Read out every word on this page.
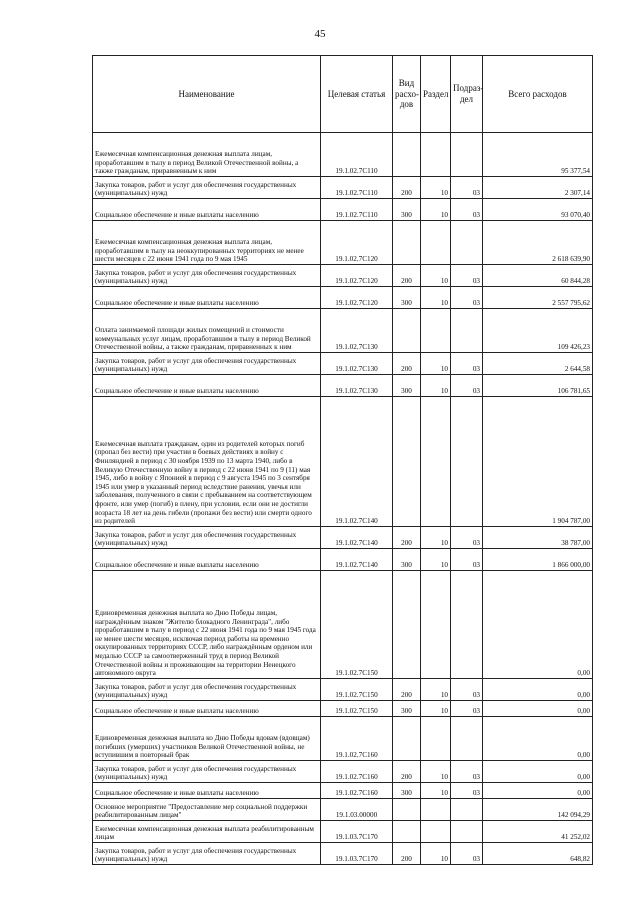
45
Наименование	Целевая статья	Вид расхо-дов	Раздел	Подраз-дел	Всего расходов
Ежемесячная компенсационная денежная выплата лицам, проработавшим в тылу в период Великой Отечественной войны, а также гражданам, приравненным к ним	19.1.02.7C110				95 377,54
Закупка товаров, работ и услуг для обеспечения государственных (муниципальных) нужд	19.1.02.7C110	200	10	03	2 307,14
Социальное обеспечение и иные выплаты населению	19.1.02.7C110	300	10	03	93 070,40
Ежемесячная компенсационная денежная выплата лицам, проработавшим в тылу на неоккупированных территориях не менее шести месяцев с 22 июня 1941 года по 9 мая 1945	19.1.02.7C120				2 618 639,90
Закупка товаров, работ и услуг для обеспечения государственных (муниципальных) нужд	19.1.02.7C120	200	10	03	60 844,28
Социальное обеспечение и иные выплаты населению	19.1.02.7C120	300	10	03	2 557 795,62
Оплата занимаемой площади жилых помещений и стоимости коммунальных услуг лицам, проработавшим в тылу в период Великой Отечественной войны, а также гражданам, приравненных к ним	19.1.02.7C130				109 426,23
Закупка товаров, работ и услуг для обеспечения государственных (муниципальных) нужд	19.1.02.7C130	200	10	03	2 644,58
Социальное обеспечение и иные выплаты населению	19.1.02.7C130	300	10	03	106 781,65
Ежемесячная выплата гражданам, один из родителей которых погиб (пропал без вести) при участии в боевых действиях в войну с Финляндией в период с 30 ноября 1939 по 13 марта 1940, либо в Великую Отечественную войну в период с 22 июня 1941 по 9 (11) мая 1945, либо в войну с Японией в период с 9 августа 1945 по 3 сентября 1945 или умер в указанный период вследствие ранения, увечья или заболевания, полученного в связи с пребыванием на соответствующем фронте, или умер (погиб) в плену, при условии, если они не достигли возраста 18 лет на день гибели (пропажи без вести) или смерти одного из родителей	19.1.02.7C140				1 904 787,00
Закупка товаров, работ и услуг для обеспечения государственных (муниципальных) нужд	19.1.02.7C140	200	10	03	38 787,00
Социальное обеспечение и иные выплаты населению	19.1.02.7C140	300	10	03	1 866 000,00
Единовременная денежная выплата ко Дню Победы лицам, награждённым знаком "Жителю блокадного Ленинграда", либо проработавшим в тылу в период с 22 июня 1941 года по 9 мая 1945 года не менее шести месяцев, исключая период работы на временно оккупированных территориях СССР, либо награждённым орденом или медалью СССР за самоотверженный труд в период Великой Отечественной войны и проживающим на территории Ненецкого автономного округа	19.1.02.7C150				0,00
Закупка товаров, работ и услуг для обеспечения государственных (муниципальных) нужд	19.1.02.7C150	200	10	03	0,00
Социальное обеспечение и иные выплаты населению	19.1.02.7C150	300	10	03	0,00
Единовременная денежная выплата ко Дню Победы вдовам (вдовцам) погибших (умерших) участников Великой Отечественной войны, не вступившим в повторный брак	19.1.02.7C160				0,00
Закупка товаров, работ и услуг для обеспечения государственных (муниципальных) нужд	19.1.02.7C160	200	10	03	0,00
Социальное обеспечение и иные выплаты населению	19.1.02.7C160	300	10	03	0,00
Основное мероприятие "Предоставление мер социальной поддержки реабилитированным лицам"	19.1.03.00000				142 094,29
Ежемесячная компенсационная денежная выплата реабилитированным лицам	19.1.03.7C170				41 252,02
Закупка товаров, работ и услуг для обеспечения государственных (муниципальных) нужд	19.1.03.7C170	200	10	03	648,82
